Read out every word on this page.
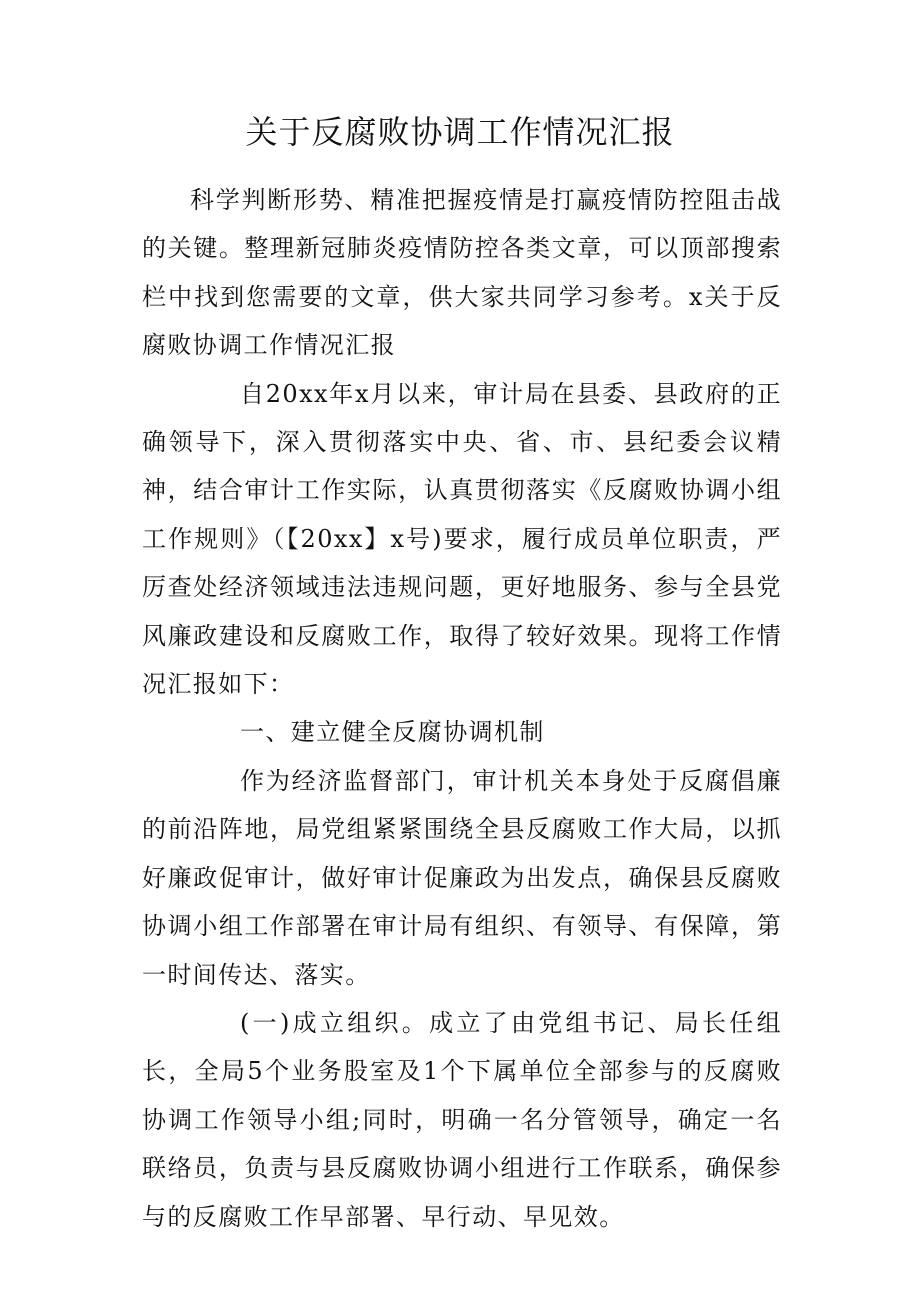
关于反腐败协调工作情况汇报

科学判断形势、精准把握疫情是打赢疫情防控阻击战的关键。整理新冠肺炎疫情防控各类文章，可以顶部搜索栏中找到您需要的文章，供大家共同学习参考。x关于反腐败协调工作情况汇报

自20xx年x月以来，审计局在县委、县政府的正确领导下，深入贯彻落实中央、省、市、县纪委会议精神，结合审计工作实际，认真贯彻落实《反腐败协调小组工作规则》（【20xx】x号)要求，履行成员单位职责，严厉查处经济领域违法违规问题，更好地服务、参与全县党风廉政建设和反腐败工作，取得了较好效果。现将工作情况汇报如下：

一、建立健全反腐协调机制

作为经济监督部门，审计机关本身处于反腐倡廉的前沿阵地，局党组紧紧围绕全县反腐败工作大局，以抓好廉政促审计，做好审计促廉政为出发点，确保县反腐败协调小组工作部署在审计局有组织、有领导、有保障，第一时间传达、落实。

(一)成立组织。成立了由党组书记、局长任组长，全局5个业务股室及1个下属单位全部参与的反腐败协调工作领导小组;同时，明确一名分管领导，确定一名联络员，负责与县反腐败协调小组进行工作联系，确保参与的反腐败工作早部署、早行动、早见效。
